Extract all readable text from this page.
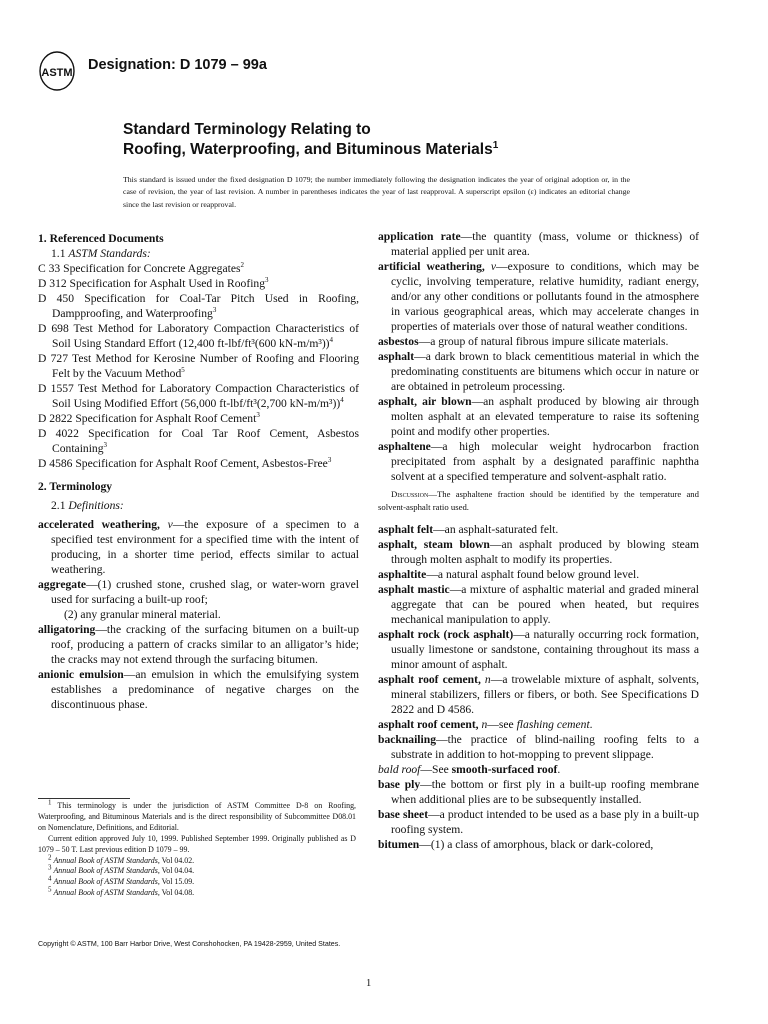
ASTM Designation: D 1079 – 99a
Standard Terminology Relating to
Roofing, Waterproofing, and Bituminous Materials$^1$
This standard is issued under the fixed designation D 1079; the number immediately following the designation indicates the year of original adoption or, in the case of revision, the year of last revision. A number in parentheses indicates the year of last reapproval. A superscript epsilon (ε) indicates an editorial change since the last revision or reapproval.
1. Referenced Documents
1.1 ASTM Standards:
C 33 Specification for Concrete Aggregates$^2$
D 312 Specification for Asphalt Used in Roofing$^3$
D 450 Specification for Coal-Tar Pitch Used in Roofing, Dampproofing, and Waterproofing$^3$
D 698 Test Method for Laboratory Compaction Characteristics of Soil Using Standard Effort (12,400 ft-lbf/ft³(600 kN-m/m³))$^4$
D 727 Test Method for Kerosine Number of Roofing and Flooring Felt by the Vacuum Method$^5$
D 1557 Test Method for Laboratory Compaction Characteristics of Soil Using Modified Effort (56,000 ft-lbf/ft³(2,700 kN-m/m³))$^4$
D 2822 Specification for Asphalt Roof Cement$^3$
D 4022 Specification for Coal Tar Roof Cement, Asbestos Containing$^3$
D 4586 Specification for Asphalt Roof Cement, Asbestos-Free$^3$
2. Terminology
2.1 Definitions:
accelerated weathering, v—the exposure of a specimen to a specified test environment for a specified time with the intent of producing, in a shorter time period, effects similar to actual weathering.
aggregate—(1) crushed stone, crushed slag, or water-worn gravel used for surfacing a built-up roof;
(2) any granular mineral material.
alligatoring—the cracking of the surfacing bitumen on a built-up roof, producing a pattern of cracks similar to an alligator’s hide; the cracks may not extend through the surfacing bitumen.
anionic emulsion—an emulsion in which the emulsifying system establishes a predominance of negative charges on the discontinuous phase.
application rate—the quantity (mass, volume or thickness) of material applied per unit area.
artificial weathering, v—exposure to conditions, which may be cyclic, involving temperature, relative humidity, radiant energy, and/or any other conditions or pollutants found in the atmosphere in various geographical areas, which may accelerate changes in properties of materials over those of natural weather conditions.
asbestos—a group of natural fibrous impure silicate materials.
asphalt—a dark brown to black cementitious material in which the predominating constituents are bitumens which occur in nature or are obtained in petroleum processing.
asphalt, air blown—an asphalt produced by blowing air through molten asphalt at an elevated temperature to raise its softening point and modify other properties.
asphaltene—a high molecular weight hydrocarbon fraction precipitated from asphalt by a designated paraffinic naphtha solvent at a specified temperature and solvent-asphalt ratio.
Discussion—The asphaltene fraction should be identified by the temperature and solvent-asphalt ratio used.
asphalt felt—an asphalt-saturated felt.
asphalt, steam blown—an asphalt produced by blowing steam through molten asphalt to modify its properties.
asphaltite—a natural asphalt found below ground level.
asphalt mastic—a mixture of asphaltic material and graded mineral aggregate that can be poured when heated, but requires mechanical manipulation to apply.
asphalt rock (rock asphalt)—a naturally occurring rock formation, usually limestone or sandstone, containing throughout its mass a minor amount of asphalt.
asphalt roof cement, n—a trowelable mixture of asphalt, solvents, mineral stabilizers, fillers or fibers, or both. See Specifications D 2822 and D 4586.
asphalt roof cement, n—see flashing cement.
backnailing—the practice of blind-nailing roofing felts to a substrate in addition to hot-mopping to prevent slippage.
bald roof—See smooth-surfaced roof.
base ply—the bottom or first ply in a built-up roofing membrane when additional plies are to be subsequently installed.
base sheet—a product intended to be used as a base ply in a built-up roofing system.
bitumen—(1) a class of amorphous, black or dark-colored,
$^1$ This terminology is under the jurisdiction of ASTM Committee D-8 on Roofing, Waterproofing, and Bituminous Materials and is the direct responsibility of Subcommittee D08.01 on Nomenclature, Definitions, and Editorial.
Current edition approved July 10, 1999. Published September 1999. Originally published as D 1079 – 50 T. Last previous edition D 1079 – 99.
$^2$ Annual Book of ASTM Standards, Vol 04.02.
$^3$ Annual Book of ASTM Standards, Vol 04.04.
$^4$ Annual Book of ASTM Standards, Vol 15.09.
$^5$ Annual Book of ASTM Standards, Vol 04.08.
Copyright © ASTM, 100 Barr Harbor Drive, West Conshohocken, PA 19428-2959, United States.
1
